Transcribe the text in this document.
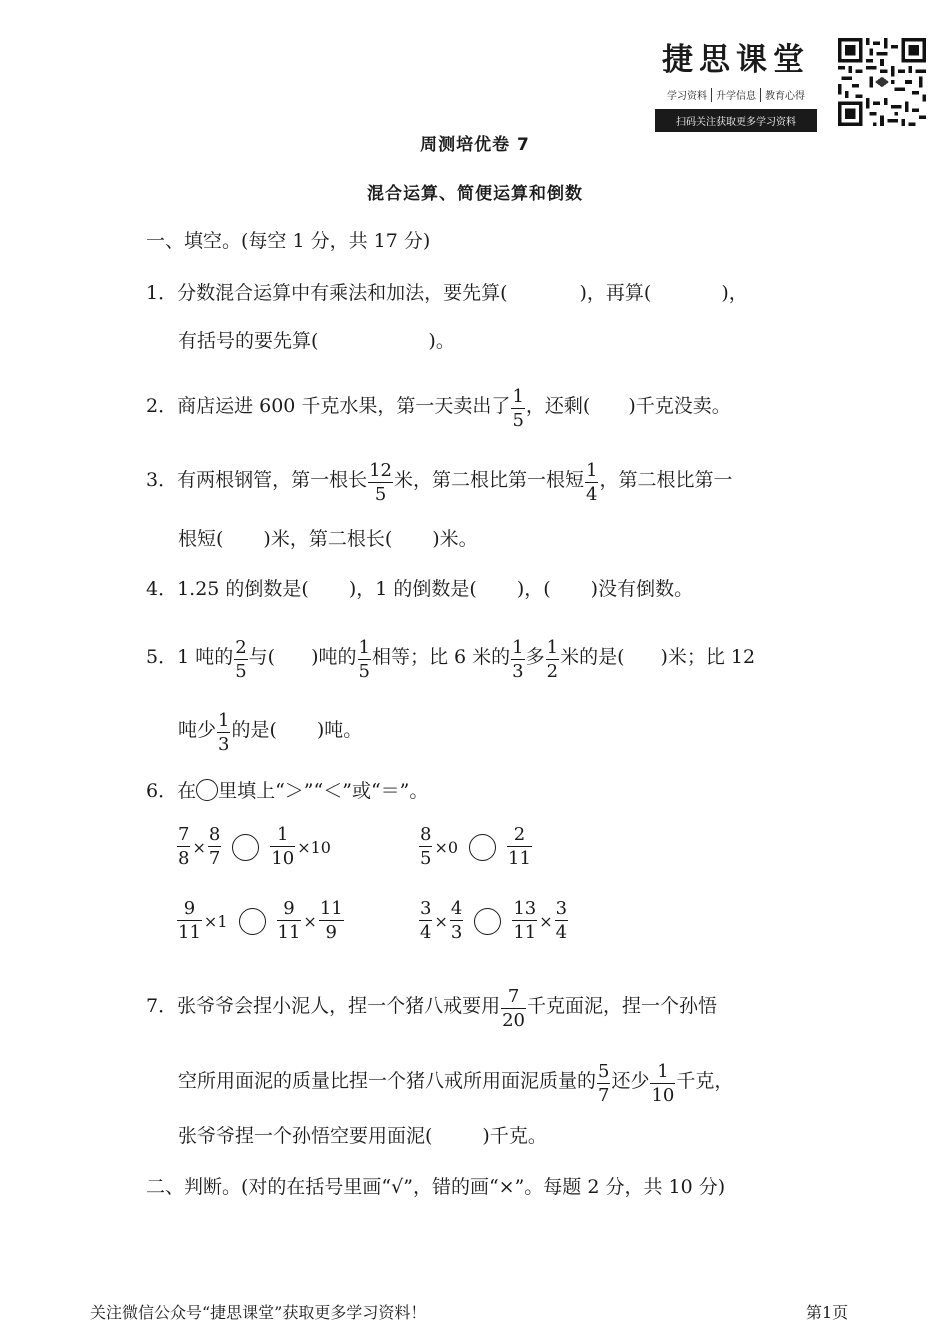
捷思课堂
学习资料 升学信息 教育心得
扫码关注获取更多学习资料
周测培优卷 7
混合运算、简便运算和倒数
一、填空。(每空 1 分，共 17 分)
1．分数混合运算中有乘法和加法，要先算(	)，再算(	)，
有括号的要先算(	)。
2．商店运进 600 千克水果，第一天卖出了 $\frac{1}{5}$ ，还剩( )千克没卖。
3．有两根钢管，第一根长 $\frac{12}{5}$ 米，第二根比第一根短 $\frac{1}{4}$ ，第二根比第一
根短( )米，第二根长( )米。
4．1.25 的倒数是( )，1 的倒数是( )，( )没有倒数。
5．1 吨的 $\frac{2}{5}$ 与( )吨的 $\frac{1}{5}$ 相等；比 6 米的 $\frac{1}{3}$ 多 $\frac{1}{2}$ 米的是( )米；比 12
吨少 $\frac{1}{3}$ 的是( )吨。
6．在 里填上“＞”“＜”或“＝”。
$\frac{7}{8} \times \frac{8}{7}$	$\frac{1}{10} \times 10$	$\frac{8}{5} \times 0$	$\frac{2}{11}$
$\frac{9}{11} \times 1$	$\frac{9}{11} \times \frac{11}{9}$	$\frac{3}{4} \times \frac{4}{3}$	$\frac{13}{11} \times \frac{3}{4}$
7．张爷爷会捏小泥人，捏一个猪八戒要用 $\frac{7}{20}$ 千克面泥，捏一个孙悟
空所用面泥的质量比捏一个猪八戒所用面泥质量的 $\frac{5}{7}$ 还少 $\frac{1}{10}$ 千克，
张爷爷捏一个孙悟空要用面泥(	)千克。
二、判断。(对的在括号里画“√”，错的画“×”。每题 2 分，共 10 分)
关注微信公众号“捷思课堂”获取更多学习资料！	第1页
